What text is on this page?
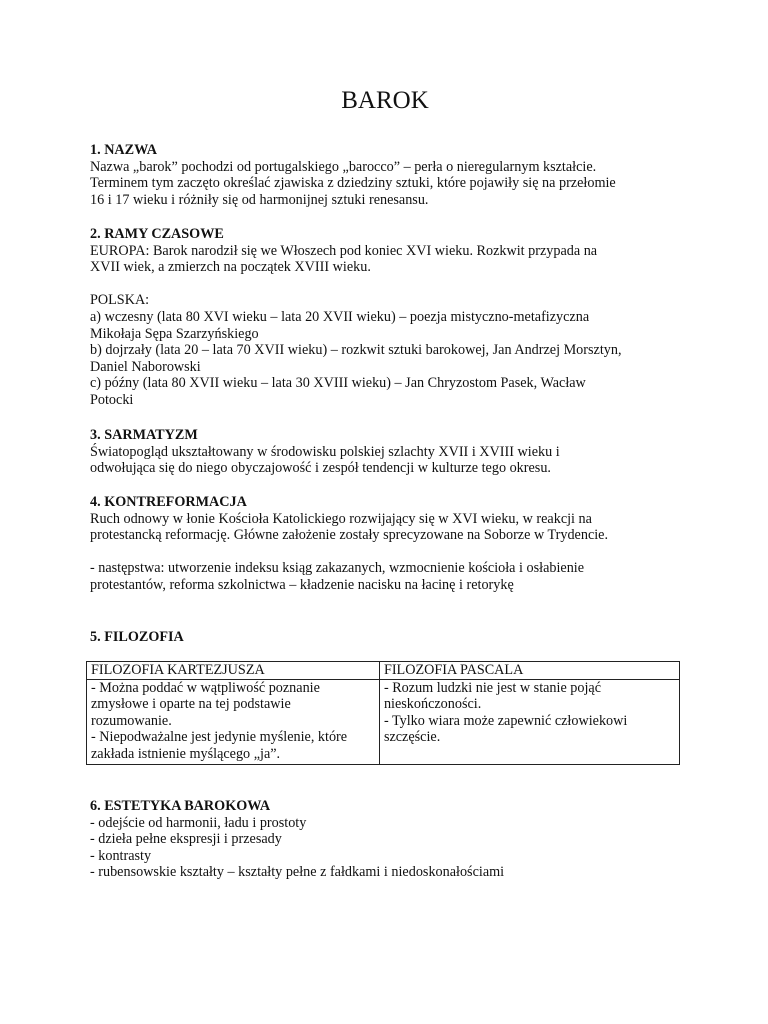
BAROK

1. NAZWA

Nazwa „barok” pochodzi od portugalskiego „barocco” – perła o nieregularnym kształcie.
Terminem tym zaczęto określać zjawiska z dziedziny sztuki, które pojawiły się na przełomie
16 i 17 wieku i różniły się od harmonijnej sztuki renesansu.

2. RAMY CZASOWE

EUROPA: Barok narodził się we Włoszech pod koniec XVI wieku. Rozkwit przypada na
XVII wiek, a zmierzch na początek XVIII wieku.

POLSKA:
a) wczesny (lata 80 XVI wieku – lata 20 XVII wieku) – poezja mistyczno-metafizyczna
Mikołaja Sępa Szarzyńskiego
b) dojrzały (lata 20 – lata 70 XVII wieku) – rozkwit sztuki barokowej, Jan Andrzej Morsztyn,
Daniel Naborowski
c) późny (lata 80 XVII wieku – lata 30 XVIII wieku) – Jan Chryzostom Pasek, Wacław
Potocki

3. SARMATYZM

Światopogląd ukształtowany w środowisku polskiej szlachty XVII i XVIII wieku i
odwołująca się do niego obyczajowość i zespół tendencji w kulturze tego okresu.

4. KONTREFORMACJA

Ruch odnowy w łonie Kościoła Katolickiego rozwijający się w XVI wieku, w reakcji na
protestancką reformację. Główne założenie zostały sprecyzowane na Soborze w Trydencie.

- następstwa: utworzenie indeksu ksiąg zakazanych, wzmocnienie kościoła i osłabienie
protestantów, reforma szkolnictwa – kładzenie nacisku na łacinę i retorykę

5. FILOZOFIA

FILOZOFIA KARTEZJUSZA	FILOZOFIA PASCALA

- Można poddać w wątpliwość poznanie
zmysłowe i oparte na tej podstawie
rozumowanie.
- Niepodważalne jest jedynie myślenie, które
zakłada istnienie myślącego „ja”.	- Rozum ludzki nie jest w stanie pojąć
nieskończoności.
- Tylko wiara może zapewnić człowiekowi
szczęście.

6. ESTETYKA BAROKOWA

- odejście od harmonii, ładu i prostoty
- dzieła pełne ekspresji i przesady
- kontrasty
- rubensowskie kształty – kształty pełne z fałdkami i niedoskonałościami
